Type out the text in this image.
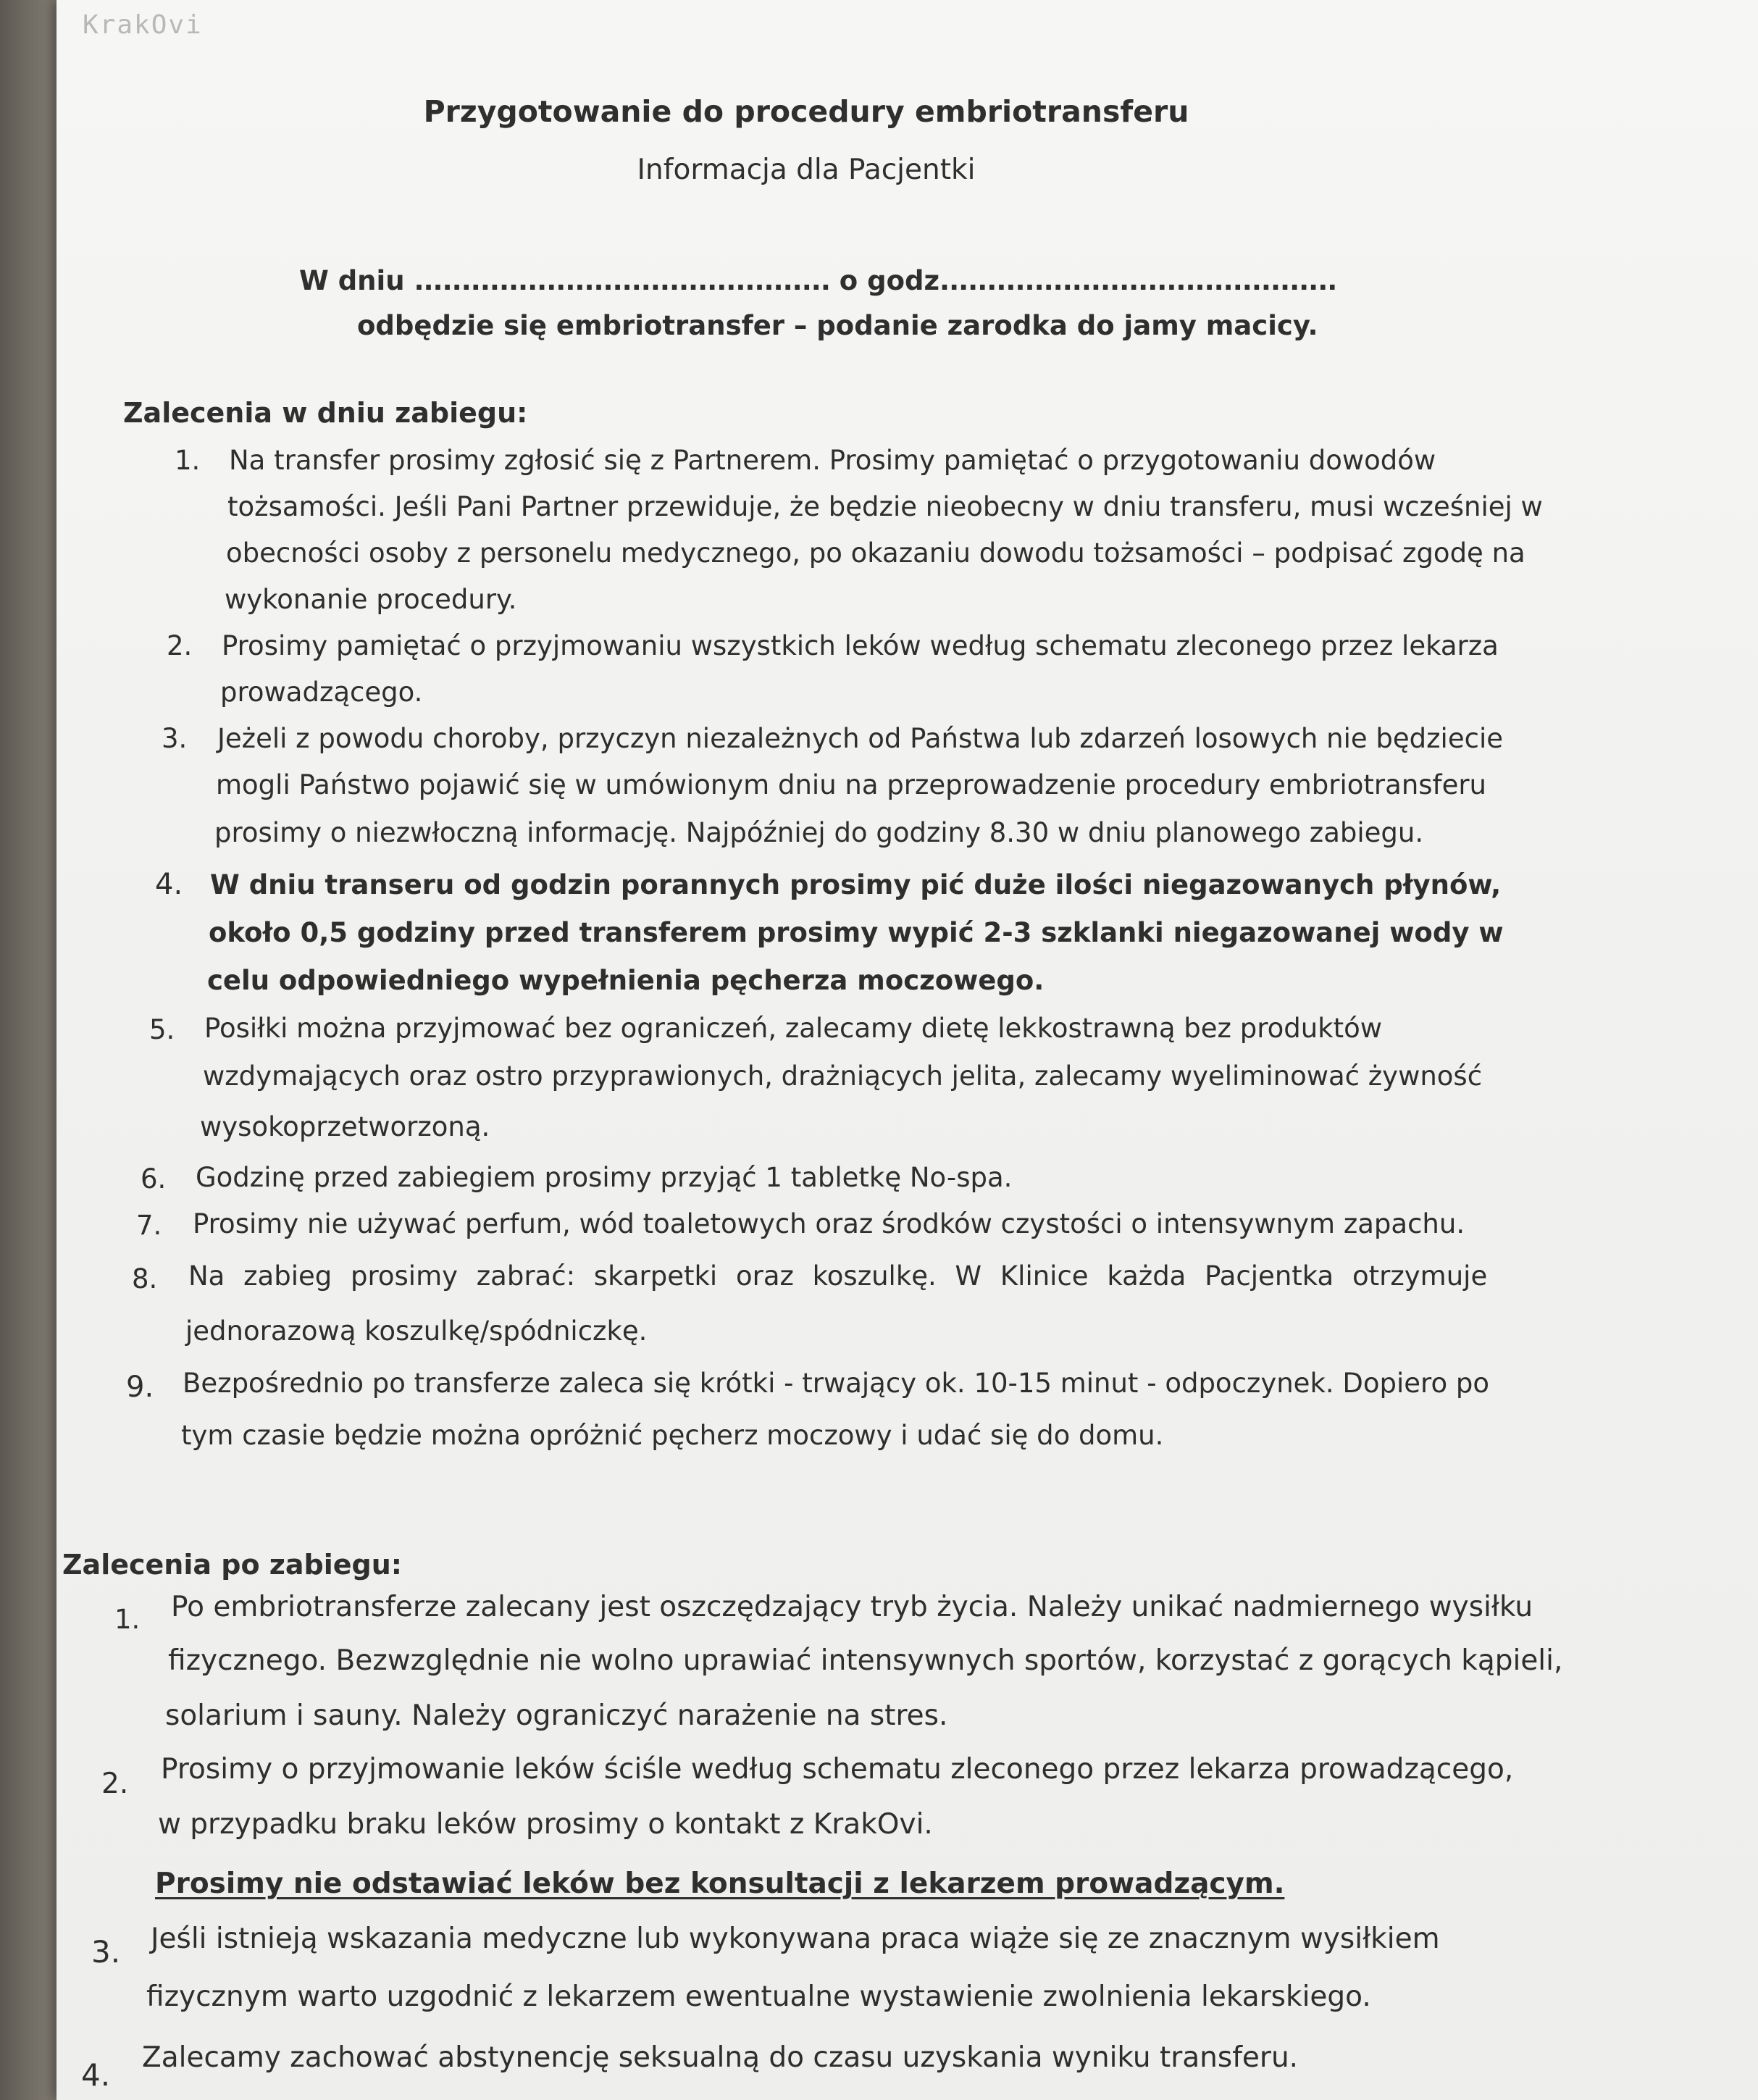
KrakOvi
Przygotowanie do procedury embriotransferu
Informacja dla Pacjentki
W dniu ............................................ o godz..........................................
odbędzie się embriotransfer – podanie zarodka do jamy macicy.
Zalecenia w dniu zabiegu:
1. Na transfer prosimy zgłosić się z Partnerem. Prosimy pamiętać o przygotowaniu dowodów
tożsamości. Jeśli Pani Partner przewiduje, że będzie nieobecny w dniu transferu, musi wcześniej w
obecności osoby z personelu medycznego, po okazaniu dowodu tożsamości – podpisać zgodę na
wykonanie procedury.
2. Prosimy pamiętać o przyjmowaniu wszystkich leków według schematu zleconego przez lekarza
prowadzącego.
3. Jeżeli z powodu choroby, przyczyn niezależnych od Państwa lub zdarzeń losowych nie będziecie
mogli Państwo pojawić się w umówionym dniu na przeprowadzenie procedury embriotransferu
prosimy o niezwłoczną informację. Najpóźniej do godziny 8.30 w dniu planowego zabiegu.
4. W dniu transeru od godzin porannych prosimy pić duże ilości niegazowanych płynów,
około 0,5 godziny przed transferem prosimy wypić 2-3 szklanki niegazowanej wody w
celu odpowiedniego wypełnienia pęcherza moczowego.
5. Posiłki można przyjmować bez ograniczeń, zalecamy dietę lekkostrawną bez produktów
wzdymających oraz ostro przyprawionych, drażniących jelita, zalecamy wyeliminować żywność
wysokoprzetworzoną.
6. Godzinę przed zabiegiem prosimy przyjąć 1 tabletkę No-spa.
7. Prosimy nie używać perfum, wód toaletowych oraz środków czystości o intensywnym zapachu.
8. Na zabieg prosimy zabrać: skarpetki oraz koszulkę. W Klinice każda Pacjentka otrzymuje
jednorazową koszulkę/spódniczkę.
9. Bezpośrednio po transferze zaleca się krótki - trwający ok. 10-15 minut - odpoczynek. Dopiero po
tym czasie będzie można opróżnić pęcherz moczowy i udać się do domu.
Zalecenia po zabiegu:
1. Po embriotransferze zalecany jest oszczędzający tryb życia. Należy unikać nadmiernego wysiłku
fizycznego. Bezwzględnie nie wolno uprawiać intensywnych sportów, korzystać z gorących kąpieli,
solarium i sauny. Należy ograniczyć narażenie na stres.
2. Prosimy o przyjmowanie leków ściśle według schematu zleconego przez lekarza prowadzącego,
w przypadku braku leków prosimy o kontakt z KrakOvi.
Prosimy nie odstawiać leków bez konsultacji z lekarzem prowadzącym.
3. Jeśli istnieją wskazania medyczne lub wykonywana praca wiąże się ze znacznym wysiłkiem
fizycznym warto uzgodnić z lekarzem ewentualne wystawienie zwolnienia lekarskiego.
4. Zalecamy zachować abstynencję seksualną do czasu uzyskania wyniku transferu.
